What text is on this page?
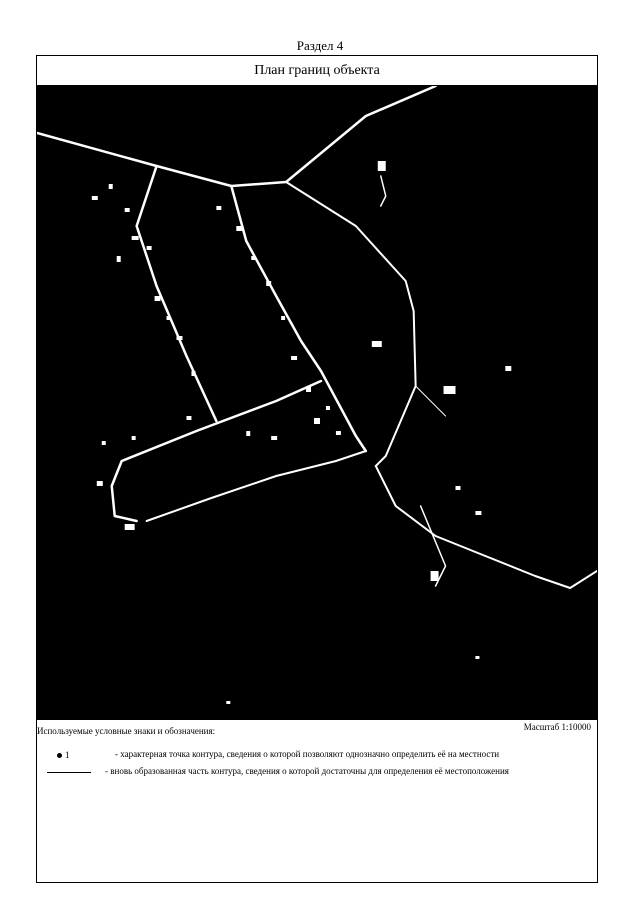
Раздел 4
План границ объекта
Используемые условные знаки и обозначения:	Масштаб 1:10000
1	- характерная точка контура, сведения о которой позволяют однозначно определить её на местности
- вновь образованная часть контура, сведения о которой достаточны для определения её местоположения
